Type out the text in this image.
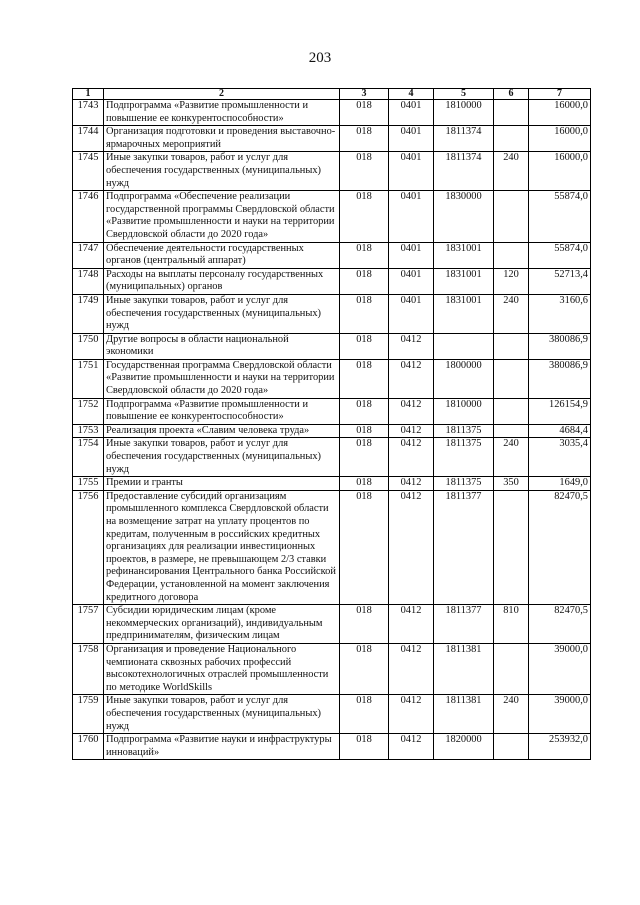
203
1	2	3	4	5	6	7
1743	Подпрограмма «Развитие промышленности и повышение ее конкурентоспособности»	018	0401	1810000		16000,0
1744	Организация подготовки и проведения выставочно-ярмарочных мероприятий	018	0401	1811374		16000,0
1745	Иные закупки товаров, работ и услуг для обеспечения государственных (муниципальных) нужд	018	0401	1811374	240	16000,0
1746	Подпрограмма «Обеспечение реализации государственной программы Свердловской области «Развитие промышленности и науки на территории Свердловской области до 2020 года»	018	0401	1830000		55874,0
1747	Обеспечение деятельности государственных органов (центральный аппарат)	018	0401	1831001		55874,0
1748	Расходы на выплаты персоналу государственных (муниципальных) органов	018	0401	1831001	120	52713,4
1749	Иные закупки товаров, работ и услуг для обеспечения государственных (муниципальных) нужд	018	0401	1831001	240	3160,6
1750	Другие вопросы в области национальной экономики	018	0412			380086,9
1751	Государственная программа Свердловской области «Развитие промышленности и науки на территории Свердловской области до 2020 года»	018	0412	1800000		380086,9
1752	Подпрограмма «Развитие промышленности и повышение ее конкурентоспособности»	018	0412	1810000		126154,9
1753	Реализация проекта «Славим человека труда»	018	0412	1811375		4684,4
1754	Иные закупки товаров, работ и услуг для обеспечения государственных (муниципальных) нужд	018	0412	1811375	240	3035,4
1755	Премии и гранты	018	0412	1811375	350	1649,0
1756	Предоставление субсидий организациям промышленного комплекса Свердловской области на возмещение затрат на уплату процентов по кредитам, полученным в российских кредитных организациях для реализации инвестиционных проектов, в размере, не превышающем 2/3 ставки рефинансирования Центрального банка Российской Федерации, установленной на момент заключения кредитного договора	018	0412	1811377		82470,5
1757	Субсидии юридическим лицам (кроме некоммерческих организаций), индивидуальным предпринимателям, физическим лицам	018	0412	1811377	810	82470,5
1758	Организация и проведение Национального чемпионата сквозных рабочих профессий высокотехнологичных отраслей промышленности по методике WorldSkills	018	0412	1811381		39000,0
1759	Иные закупки товаров, работ и услуг для обеспечения государственных (муниципальных) нужд	018	0412	1811381	240	39000,0
1760	Подпрограмма «Развитие науки и инфраструктуры инноваций»	018	0412	1820000		253932,0
